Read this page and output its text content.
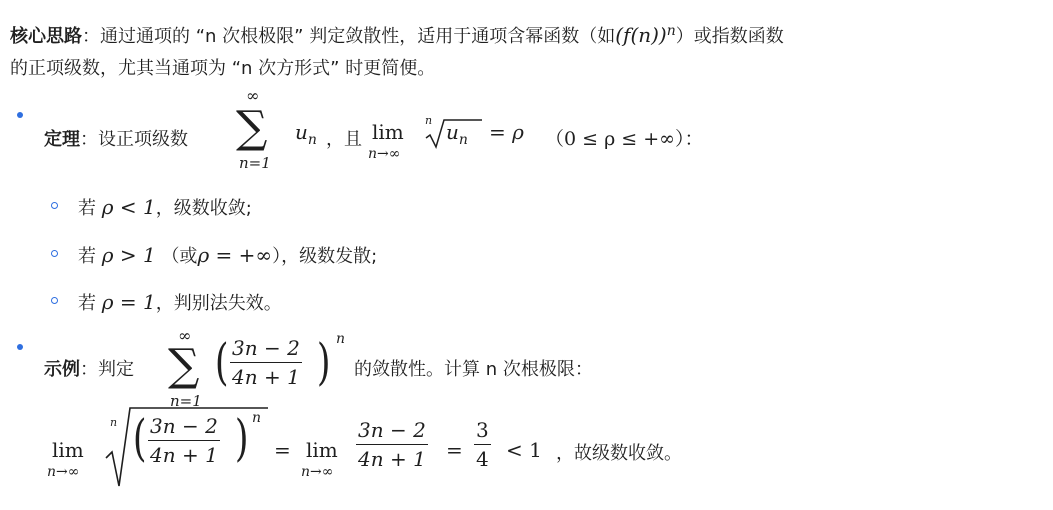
核心思路：通过通项的 “n 次根极限” 判定敛散性，适用于通项含幂函数（如$(f(n))^n$）或指数函数
的正项级数，尤其当通项为 “n 次方形式” 时更简便。
定理 ：设正项级数
∞
∑
n=1
$u_n$ ，且 lim
n→∞
n $u_n = \rho$ （0 ≤ ρ ≤ +∞）：
若 ρ < 1，级数收敛;
若 ρ > 1 （或ρ = +∞），级数发散;
若 ρ = 1，判别法失效。
示例 ：判定
∞
∑
n=1
( $\frac{3n - 2}{4n + 1}$ ) n
的敛散性。计算 n 次根极限：
lim
n→∞
n ( $\frac{3n - 2}{4n + 1}$ ) n
= lim
n→∞
$\frac{3n - 2}{4n + 1} = \frac{3}{4} < 1$ ，故级数收敛。
